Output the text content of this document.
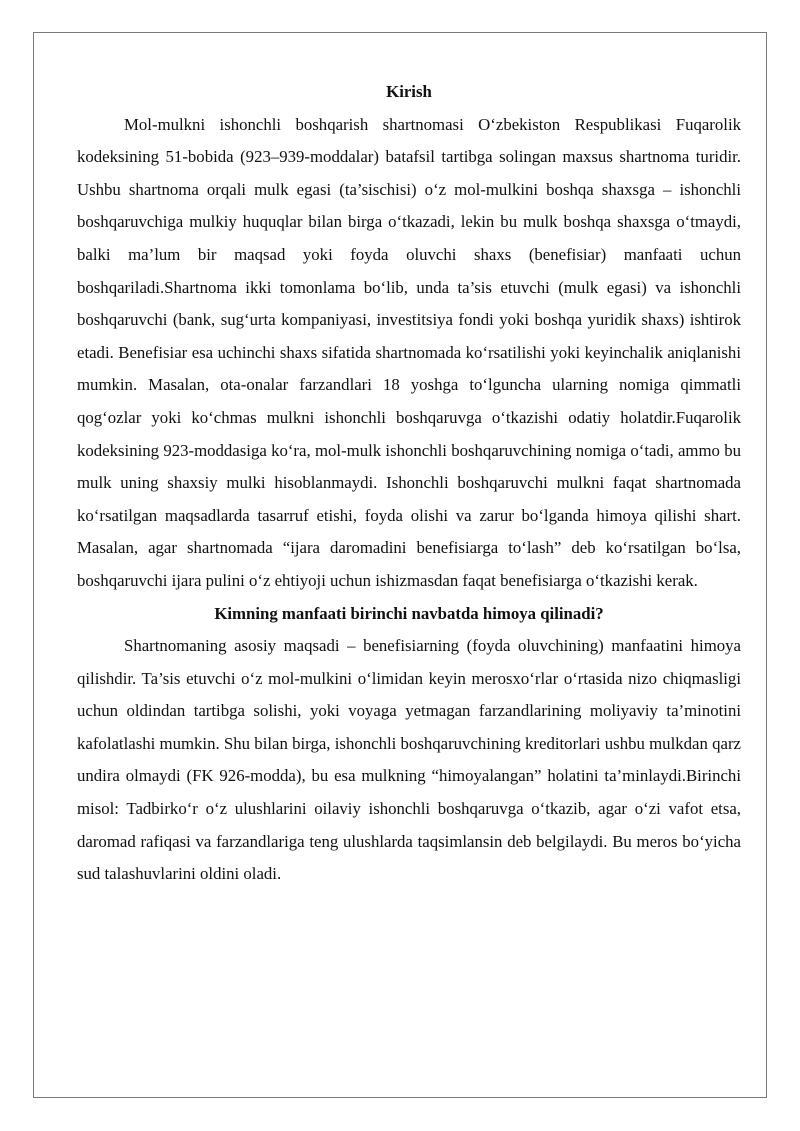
Kirish

Mol-mulkni ishonchli boshqarish shartnomasi O‘zbekiston Respublikasi Fuqarolik kodeksining 51-bobida (923–939-moddalar) batafsil tartibga solingan maxsus shartnoma turidir. Ushbu shartnoma orqali mulk egasi (ta’sischisi) o‘z mol-mulkini boshqa shaxsga – ishonchli boshqaruvchiga mulkiy huquqlar bilan birga o‘tkazadi, lekin bu mulk boshqa shaxsga o‘tmaydi, balki ma’lum bir maqsad yoki foyda oluvchi shaxs (benefisiar) manfaati uchun boshqariladi.Shartnoma ikki tomonlama bo‘lib, unda ta’sis etuvchi (mulk egasi) va ishonchli boshqaruvchi (bank, sug‘urta kompaniyasi, investitsiya fondi yoki boshqa yuridik shaxs) ishtirok etadi. Benefisiar esa uchinchi shaxs sifatida shartnomada ko‘rsatilishi yoki keyinchalik aniqlanishi mumkin. Masalan, ota-onalar farzandlari 18 yoshga to‘lguncha ularning nomiga qimmatli qog‘ozlar yoki ko‘chmas mulkni ishonchli boshqaruvga o‘tkazishi odatiy holatdir.Fuqarolik kodeksining 923-moddasiga ko‘ra, mol-mulk ishonchli boshqaruvchining nomiga o‘tadi, ammo bu mulk uning shaxsiy mulki hisoblanmaydi. Ishonchli boshqaruvchi mulkni faqat shartnomada ko‘rsatilgan maqsadlarda tasarruf etishi, foyda olishi va zarur bo‘lganda himoya qilishi shart. Masalan, agar shartnomada “ijara daromadini benefisiarga to‘lash” deb ko‘rsatilgan bo‘lsa, boshqaruvchi ijara pulini o‘z ehtiyoji uchun ishizmasdan faqat benefisiarga o‘tkazishi kerak.

Kimning manfaati birinchi navbatda himoya qilinadi?

Shartnomaning asosiy maqsadi – benefisiarning (foyda oluvchining) manfaatini himoya qilishdir. Ta’sis etuvchi o‘z mol-mulkini o‘limidan keyin merosxo‘rlar o‘rtasida nizo chiqmasligi uchun oldindan tartibga solishi, yoki voyaga yetmagan farzandlarining moliyaviy ta’minotini kafolatlashi mumkin. Shu bilan birga, ishonchli boshqaruvchining kreditorlari ushbu mulkdan qarz undira olmaydi (FK 926-modda), bu esa mulkning “himoyalangan” holatini ta’minlaydi.Birinchi misol: Tadbirko‘r o‘z ulushlarini oilaviy ishonchli boshqaruvga o‘tkazib, agar o‘zi vafot etsa, daromad rafiqasi va farzandlariga teng ulushlarda taqsimlansin deb belgilaydi. Bu meros bo‘yicha sud talashuvlarini oldini oladi.
